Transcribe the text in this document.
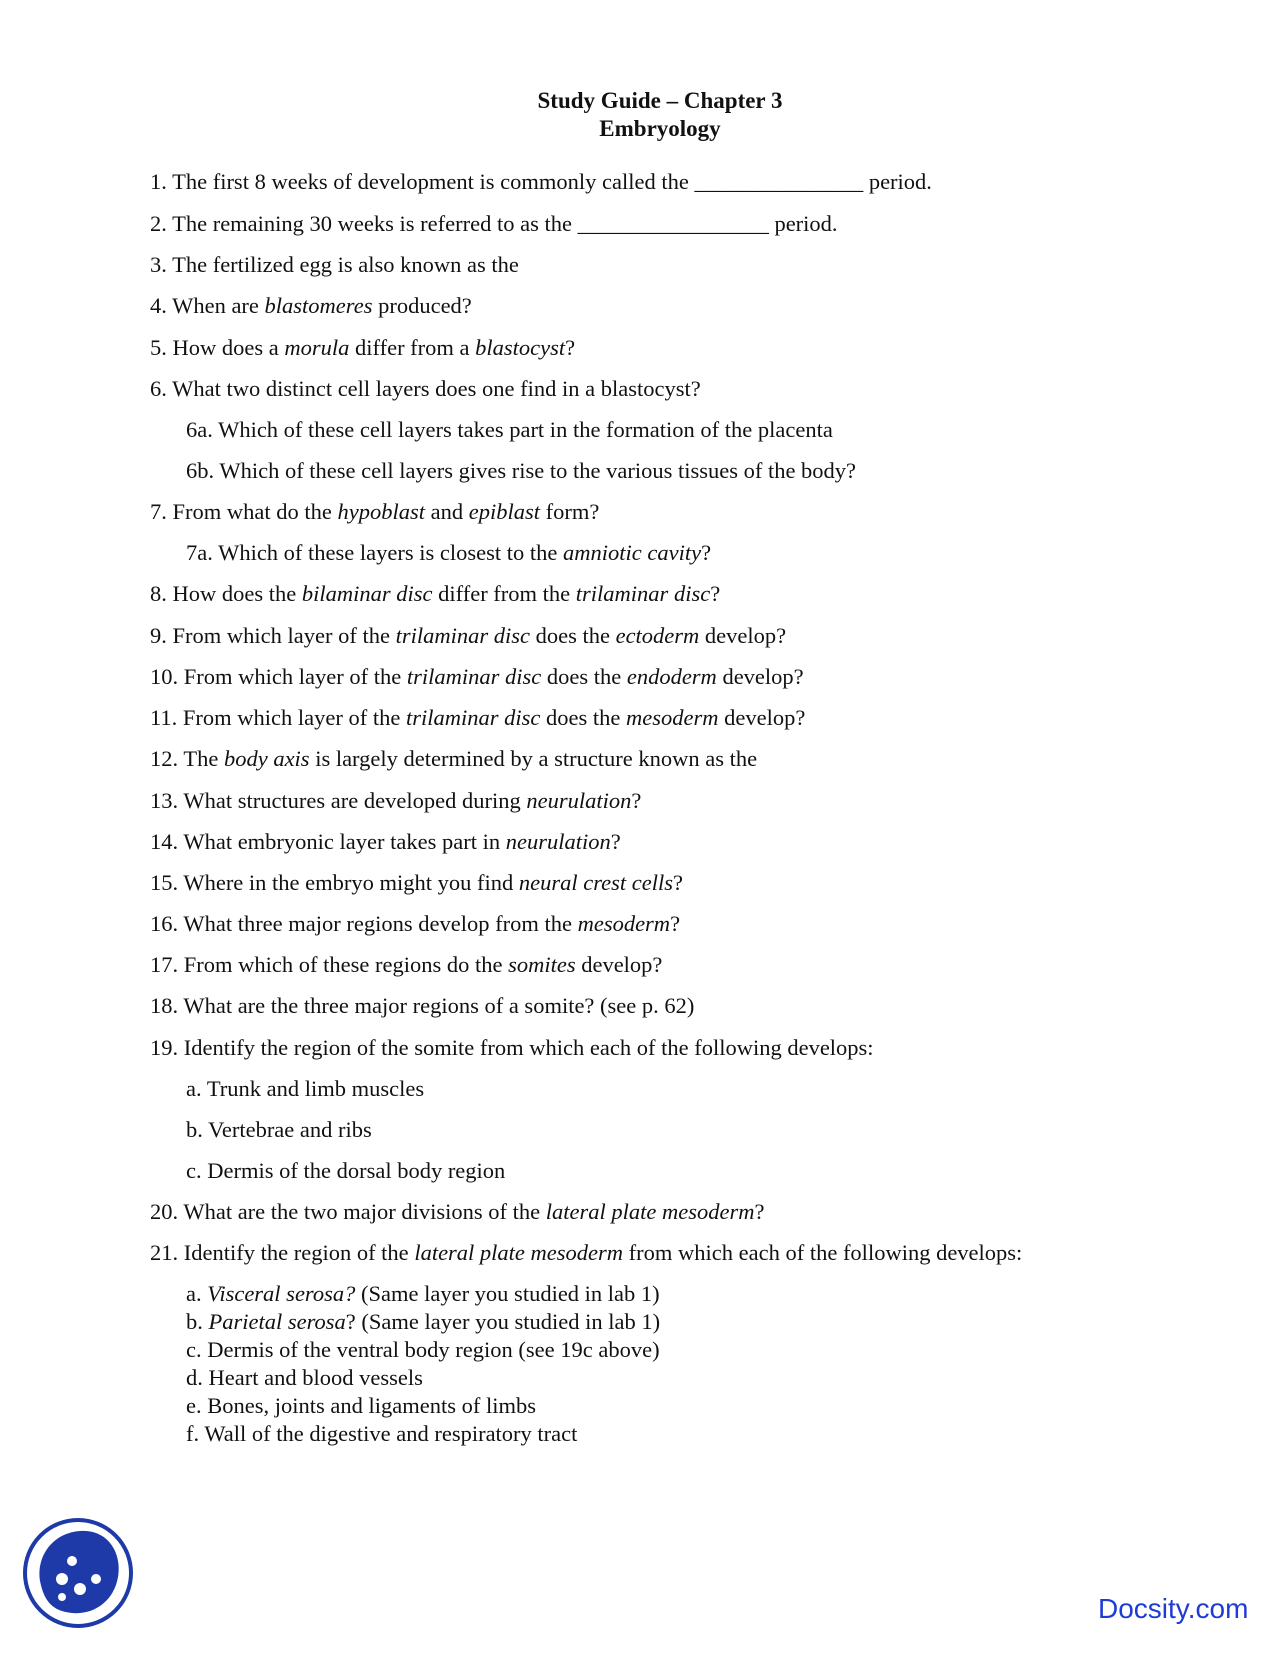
Study Guide – Chapter 3
Embryology
1. The first 8 weeks of development is commonly called the _______________ period.
2. The remaining 30 weeks is referred to as the _________________ period.
3. The fertilized egg is also known as the
4. When are blastomeres produced?
5. How does a morula differ from a blastocyst?
6. What two distinct cell layers does one find in a blastocyst?
6a. Which of these cell layers takes part in the formation of the placenta
6b. Which of these cell layers gives rise to the various tissues of the body?
7. From what do the hypoblast and epiblast form?
7a. Which of these layers is closest to the amniotic cavity?
8. How does the bilaminar disc differ from the trilaminar disc?
9. From which layer of the trilaminar disc does the ectoderm develop?
10. From which layer of the trilaminar disc does the endoderm develop?
11. From which layer of the trilaminar disc does the mesoderm develop?
12. The body axis is largely determined by a structure known as the
13. What structures are developed during neurulation?
14. What embryonic layer takes part in neurulation?
15. Where in the embryo might you find neural crest cells?
16. What three major regions develop from the mesoderm?
17. From which of these regions do the somites develop?
18. What are the three major regions of a somite? (see p. 62)
19. Identify the region of the somite from which each of the following develops:
a. Trunk and limb muscles
b. Vertebrae and ribs
c. Dermis of the dorsal body region
20. What are the two major divisions of the lateral plate mesoderm?
21. Identify the region of the lateral plate mesoderm from which each of the following develops:
a. Visceral serosa? (Same layer you studied in lab 1)
b. Parietal serosa? (Same layer you studied in lab 1)
c. Dermis of the ventral body region (see 19c above)
d. Heart and blood vessels
e. Bones, joints and ligaments of limbs
f. Wall of the digestive and respiratory tract
Docsity.com
